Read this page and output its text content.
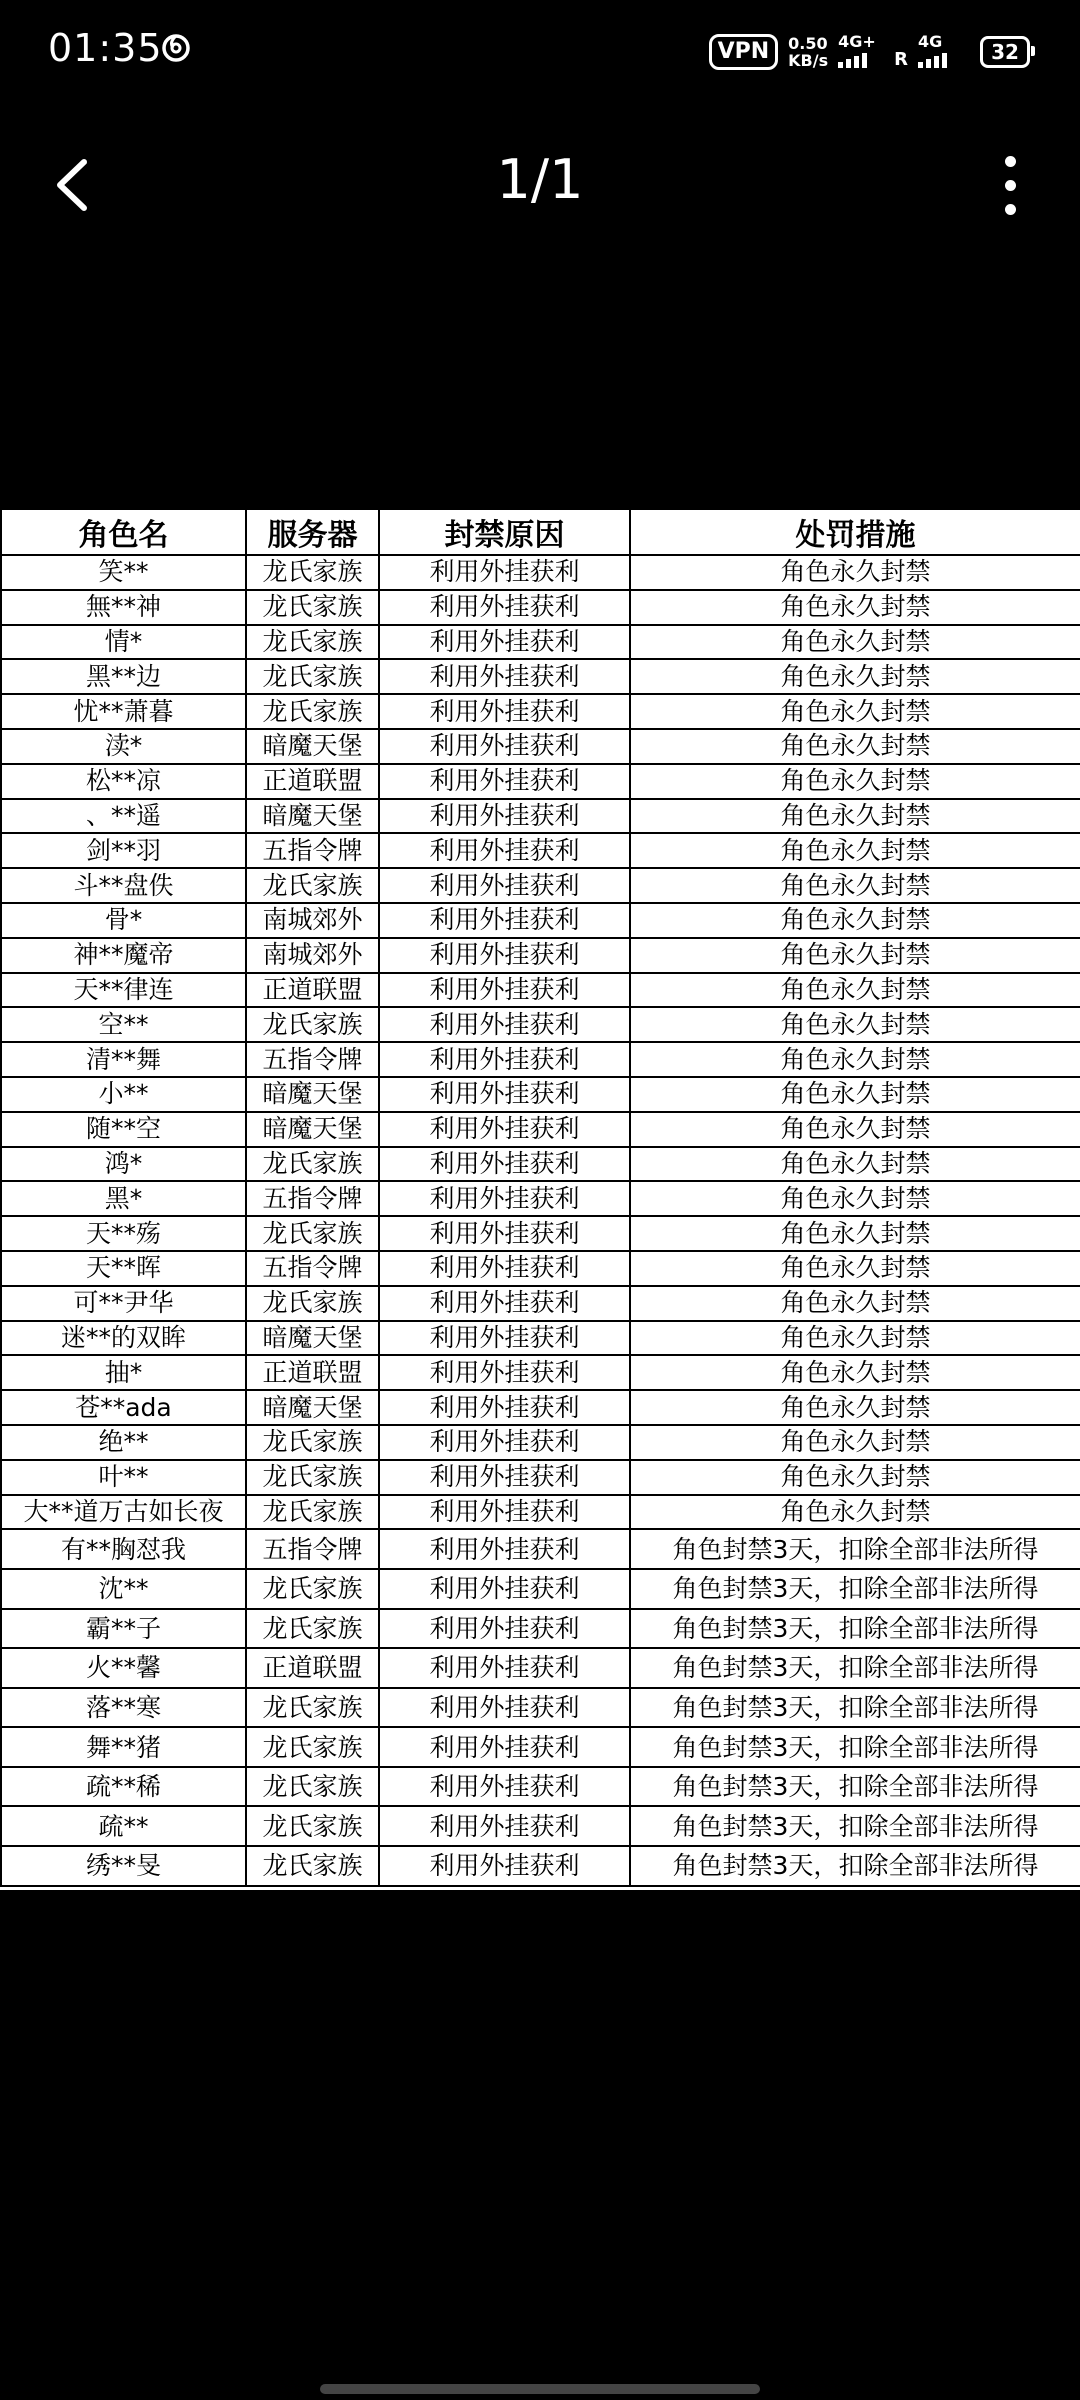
01:35	VPN	0.50
KB/s
4G+
R
4G 32
1/1
角色名	服务器	封禁原因	处罚措施
笑**	龙氏家族	利用外挂获利	角色永久封禁
無**神	龙氏家族	利用外挂获利	角色永久封禁
情*	龙氏家族	利用外挂获利	角色永久封禁
黑**边	龙氏家族	利用外挂获利	角色永久封禁
忧**萧暮	龙氏家族	利用外挂获利	角色永久封禁
渎*	暗魔天堡	利用外挂获利	角色永久封禁
松**凉	正道联盟	利用外挂获利	角色永久封禁
、**遥	暗魔天堡	利用外挂获利	角色永久封禁
剑**羽	五指令牌	利用外挂获利	角色永久封禁
斗**盘佚	龙氏家族	利用外挂获利	角色永久封禁
骨*	南城郊外	利用外挂获利	角色永久封禁
神**魔帝	南城郊外	利用外挂获利	角色永久封禁
天**律连	正道联盟	利用外挂获利	角色永久封禁
空**	龙氏家族	利用外挂获利	角色永久封禁
清**舞	五指令牌	利用外挂获利	角色永久封禁
小**	暗魔天堡	利用外挂获利	角色永久封禁
随**空	暗魔天堡	利用外挂获利	角色永久封禁
鸿*	龙氏家族	利用外挂获利	角色永久封禁
黑*	五指令牌	利用外挂获利	角色永久封禁
天**殇	龙氏家族	利用外挂获利	角色永久封禁
天**晖	五指令牌	利用外挂获利	角色永久封禁
可**尹华	龙氏家族	利用外挂获利	角色永久封禁
迷**的双眸	暗魔天堡	利用外挂获利	角色永久封禁
抽*	正道联盟	利用外挂获利	角色永久封禁
苍**ada	暗魔天堡	利用外挂获利	角色永久封禁
绝**	龙氏家族	利用外挂获利	角色永久封禁
叶**	龙氏家族	利用外挂获利	角色永久封禁
大**道万古如长夜	龙氏家族	利用外挂获利	角色永久封禁
有**胸怼我	五指令牌	利用外挂获利	角色封禁3天，扣除全部非法所得
沈**	龙氏家族	利用外挂获利	角色封禁3天，扣除全部非法所得
霸**子	龙氏家族	利用外挂获利	角色封禁3天，扣除全部非法所得
火**馨	正道联盟	利用外挂获利	角色封禁3天，扣除全部非法所得
落**寒	龙氏家族	利用外挂获利	角色封禁3天，扣除全部非法所得
舞**猪	龙氏家族	利用外挂获利	角色封禁3天，扣除全部非法所得
疏**稀	龙氏家族	利用外挂获利	角色封禁3天，扣除全部非法所得
疏**	龙氏家族	利用外挂获利	角色封禁3天，扣除全部非法所得
绣**旻	龙氏家族	利用外挂获利	角色封禁3天，扣除全部非法所得
